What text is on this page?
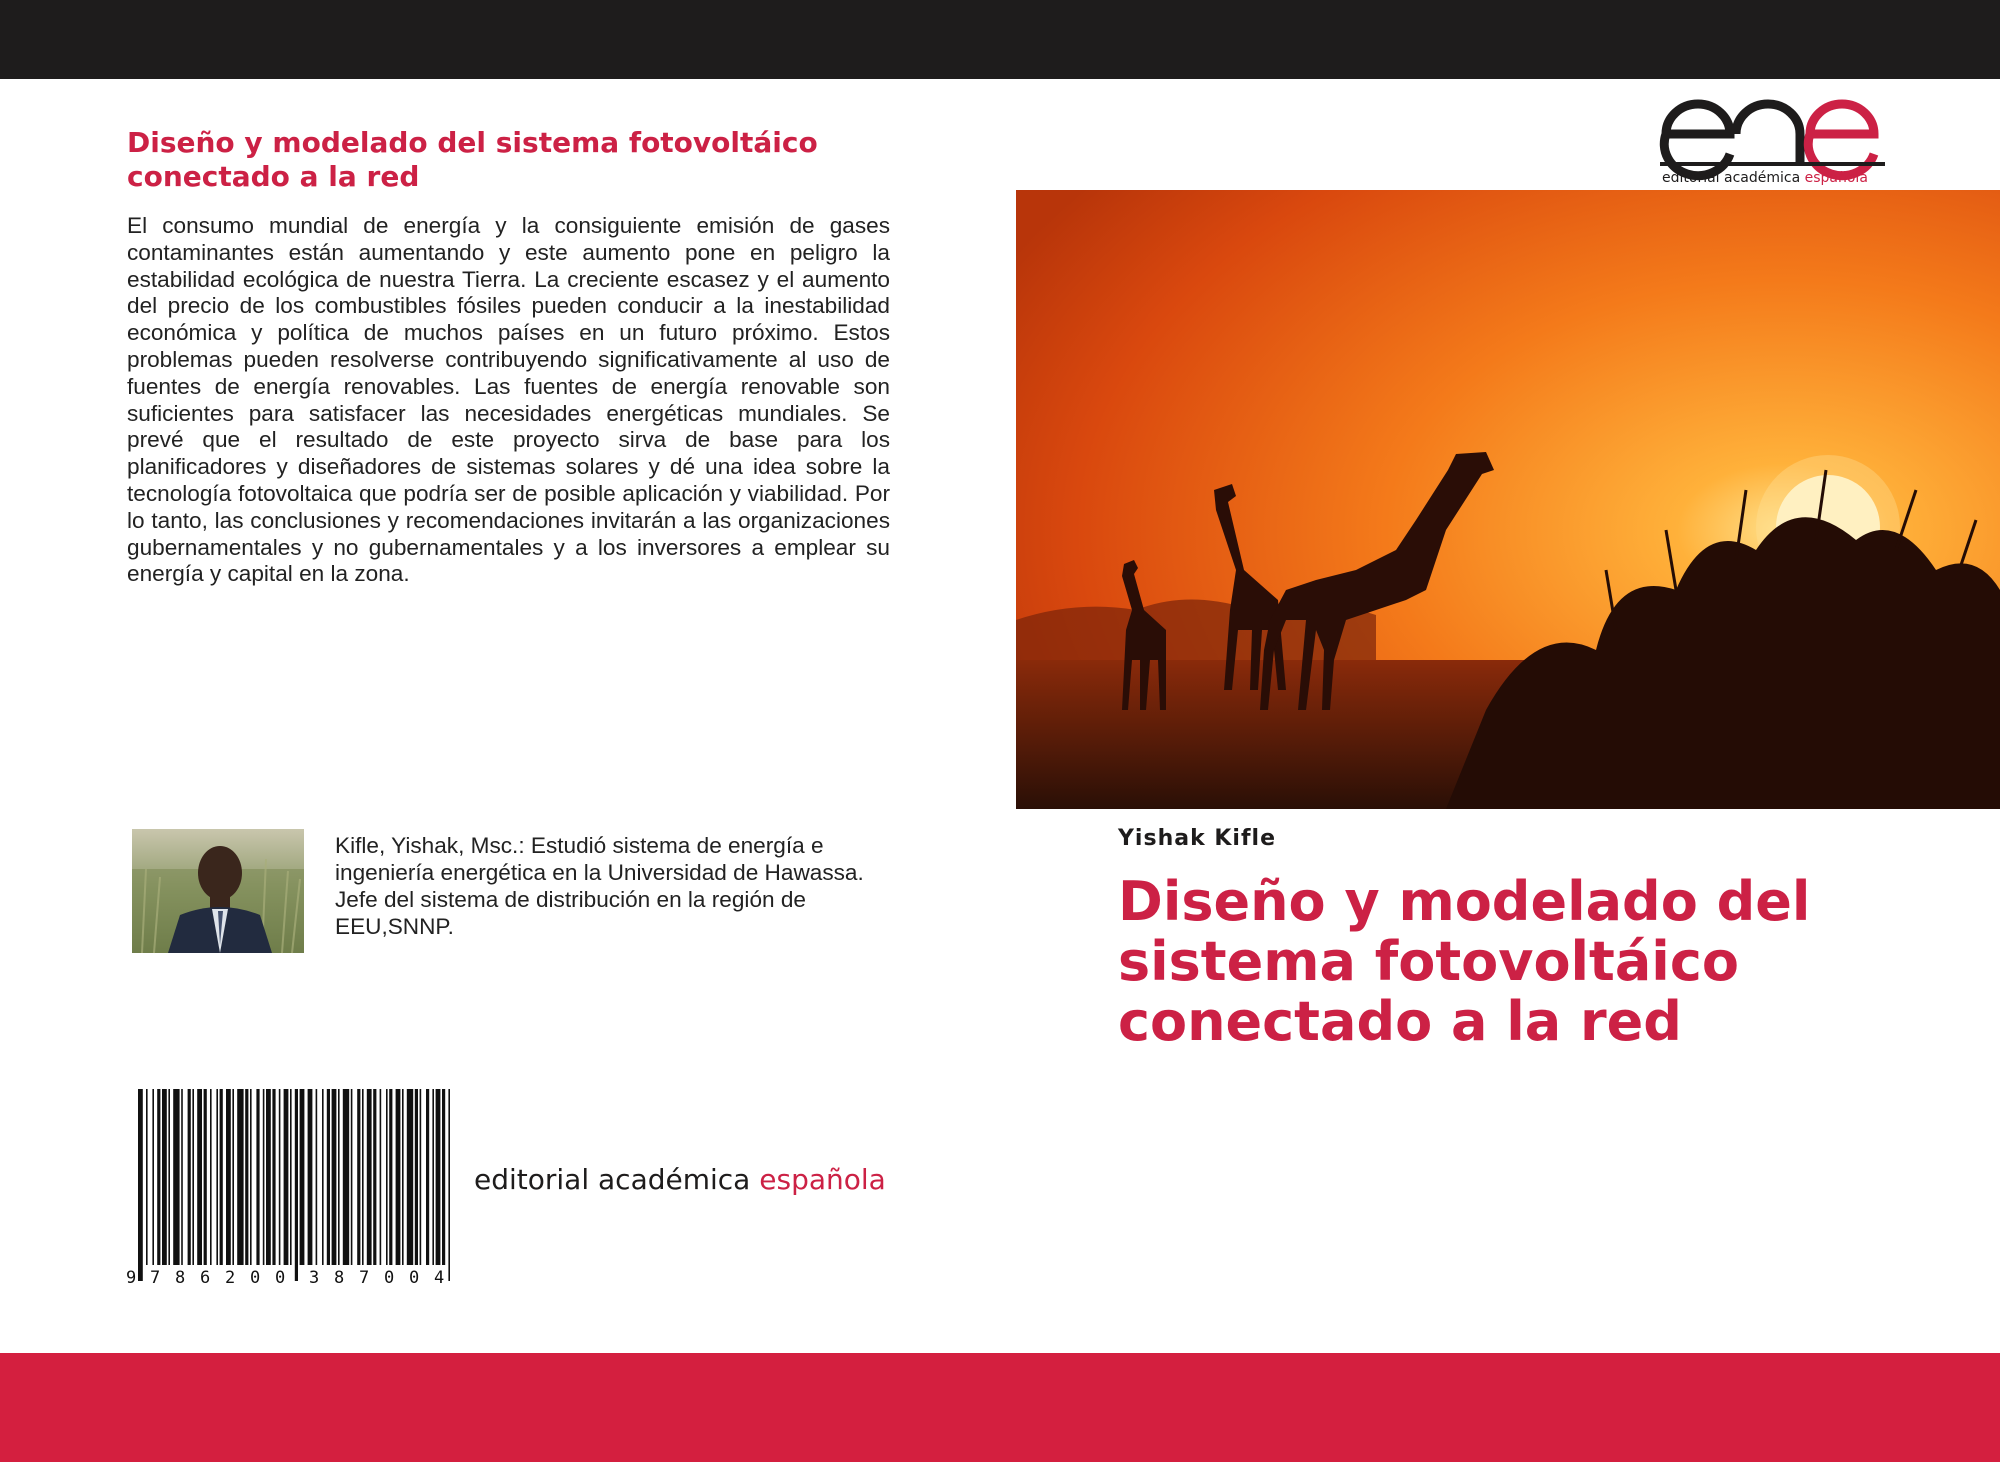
Diseño y modelado del sistema fotovoltáico conectado a la red
El consumo mundial de energía y la consiguiente emisión de gases contaminantes están aumentando y este aumento pone en peligro la estabilidad ecológica de nuestra Tierra. La creciente escasez y el aumento del precio de los combustibles fósiles pueden conducir a la inestabilidad económica y política de muchos países en un futuro próximo. Estos problemas pueden resolverse contribuyendo significativamente al uso de fuentes de energía renovables. Las fuentes de energía renovable son suficientes para satisfacer las necesidades energéticas mundiales. Se prevé que el resultado de este proyecto sirva de base para los planificadores y diseñadores de sistemas solares y dé una idea sobre la tecnología fotovoltaica que podría ser de posible aplicación y viabilidad. Por lo tanto, las conclusiones y recomendaciones invitarán a las organizaciones gubernamentales y no gubernamentales y a los inversores a emplear su energía y capital en la zona.
Kifle, Yishak, Msc.: Estudió sistema de energía e ingeniería energética en la Universidad de Hawassa. Jefe del sistema de distribución en la región de EEU,SNNP.
9 7 8 6 2 0 0 3 8 7 0 0 4
editorial académica española
eae
editorial académica española
Yishak Kifle
Diseño y modelado del sistema fotovoltáico conectado a la red
